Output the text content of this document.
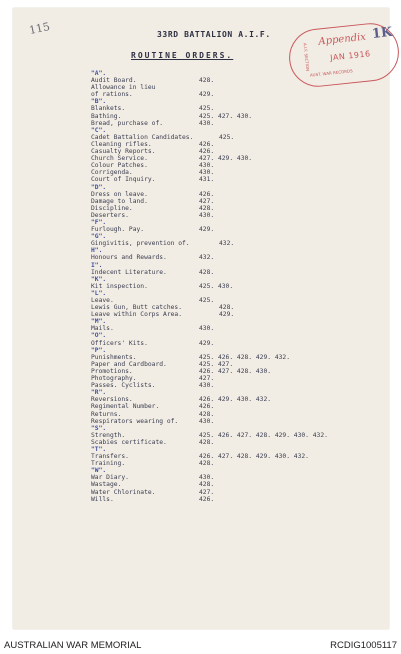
115
A.I.F. SECTION
Appendix 1K
JAN 1916
AUST. WAR RECORDS
33RD BATTALION A.I.F.
ROUTINE ORDERS.
"A".
Audit Board.	428.
Allowance in lieu
of rations.	429.
"B".
Blankets.	425.
Bathing.	425. 427. 430.
Bread, purchase of.	430.
"C".
Cadet Battalion Candidates.	425.
Cleaning rifles.	426.
Casualty Reports.	426.
Church Service.	427. 429. 430.
Colour Patches.	430.
Corrigenda.	430.
Court of Inquiry.	431.
"D".
Dress on leave.	426.
Damage to land.	427.
Discipline.	428.
Deserters.	430.
"F".
Furlough. Pay.	429.
"G".
Gingivitis, prevention of.	432.
H".
Honours and Rewards.	432.
I".
Indecent Literature.	428.
"K".
Kit inspection.	425. 430.
"L".
Leave.	425.
Lewis Gun, Butt catches.	428.
Leave within Corps Area.	429.
"M".
Mails.	430.
"O".
Officers' Kits.	429.
"P".
Punishments.	425. 426. 428. 429. 432.
Paper and Cardboard.	425. 427.
Promotions.	426. 427. 428. 430.
Photography.	427.
Passes. Cyclists.	430.
"R".
Reversions.	426. 429. 430. 432.
Regimental Number.	426.
Returns.	428.
Respirators wearing of.	430.
"S".
Strength.	425. 426. 427. 428. 429. 430. 432.
Scabies certificate.	428.
"T".
Transfers.	426. 427. 428. 429. 430. 432.
Training.	428.
"W".
War Diary.	430.
Wastage.	428.
Water Chlorinate.	427.
Wills.	426.
AUSTRALIAN WAR MEMORIAL	RCDIG1005117
